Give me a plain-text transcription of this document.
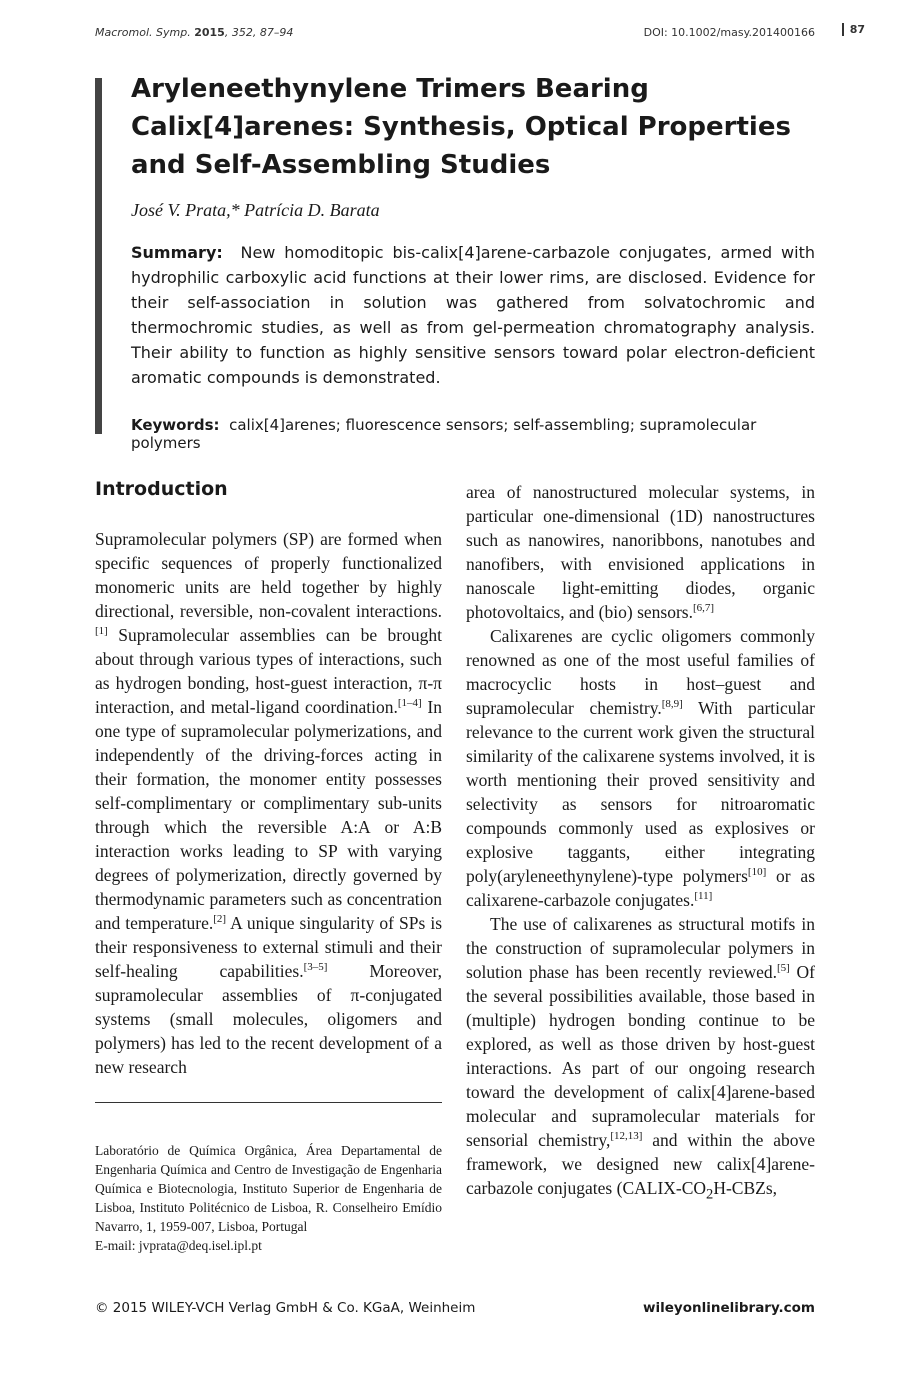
Macromol. Symp. 2015, 352, 87–94	DOI: 10.1002/masy.201400166	87
Aryleneethynylene Trimers Bearing Calix[4]arenes: Synthesis, Optical Properties and Self-Assembling Studies
José V. Prata,* Patrícia D. Barata

Summary: New homoditopic bis-calix[4]arene-carbazole conjugates, armed with hydrophilic carboxylic acid functions at their lower rims, are disclosed. Evidence for their self-association in solution was gathered from solvatochromic and thermochromic studies, as well as from gel-permeation chromatography analysis. Their ability to function as highly sensitive sensors toward polar electron-deficient aromatic compounds is demonstrated.

Keywords: calix[4]arenes; fluorescence sensors; self-assembling; supramolecular polymers

Introduction

Supramolecular polymers (SP) are formed when specific sequences of properly functionalized monomeric units are held together by highly directional, reversible, non-covalent interactions.[1] Supramolecular assemblies can be brought about through various types of interactions, such as hydrogen bonding, host-guest interaction, π-π interaction, and metal-ligand coordination.[1–4] In one type of supramolecular polymerizations, and independently of the driving-forces acting in their formation, the monomer entity possesses self-complimentary or complimentary sub-units through which the reversible A:A or A:B interaction works leading to SP with varying degrees of polymerization, directly governed by thermodynamic parameters such as concentration and temperature.[2] A unique singularity of SPs is their responsiveness to external stimuli and their self-healing capabilities.[3–5] Moreover, supramolecular assemblies of π-conjugated systems (small molecules, oligomers and polymers) has led to the recent development of a new research

Laboratório de Química Orgânica, Área Departamental de Engenharia Química and Centro de Investigação de Engenharia Química e Biotecnologia, Instituto Superior de Engenharia de Lisboa, Instituto Politécnico de Lisboa, R. Conselheiro Emídio Navarro, 1, 1959-007, Lisboa, Portugal
E-mail: jvprata@deq.isel.ipl.pt

area of nanostructured molecular systems, in particular one-dimensional (1D) nanostructures such as nanowires, nanoribbons, nanotubes and nanofibers, with envisioned applications in nanoscale light-emitting diodes, organic photovoltaics, and (bio) sensors.[6,7]

Calixarenes are cyclic oligomers commonly renowned as one of the most useful families of macrocyclic hosts in host–guest and supramolecular chemistry.[8,9] With particular relevance to the current work given the structural similarity of the calixarene systems involved, it is worth mentioning their proved sensitivity and selectivity as sensors for nitroaromatic compounds commonly used as explosives or explosive taggants, either integrating poly(aryleneethynylene)-type polymers[10] or as calixarene-carbazole conjugates.[11]

The use of calixarenes as structural motifs in the construction of supramolecular polymers in solution phase has been recently reviewed.[5] Of the several possibilities available, those based in (multiple) hydrogen bonding continue to be explored, as well as those driven by host-guest interactions. As part of our ongoing research toward the development of calix[4]arene-based molecular and supramolecular materials for sensorial chemistry,[12,13] and within the above framework, we designed new calix[4]arene-carbazole conjugates ($CALIX-CO_2H$-CBZs,

© 2015 WILEY-VCH Verlag GmbH & Co. KGaA, Weinheim	wileyonlinelibrary.com
